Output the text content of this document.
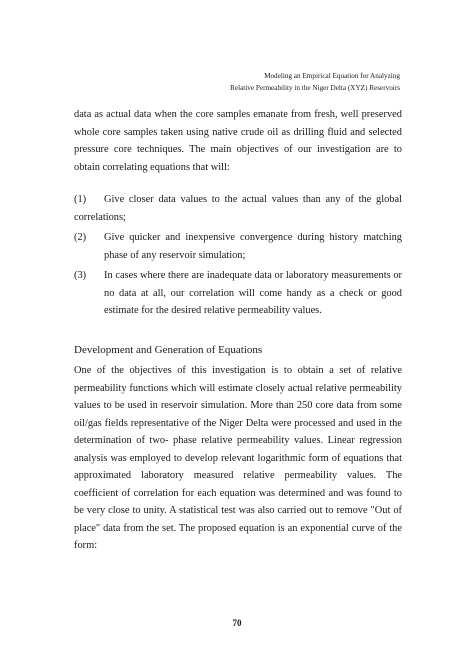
Modeling an Empirical Equation for Analyzing
Relative Permeability in the Niger Delta (XYZ) Reservoirs

data as actual data when the core samples emanate from fresh, well preserved whole core samples taken using native crude oil as drilling fluid and selected pressure core techniques. The main objectives of our investigation are to obtain correlating equations that will:

(1) Give closer data values to the actual values than any of the global correlations;
(2) Give quicker and inexpensive convergence during history matching phase of any reservoir simulation;
(3) In cases where there are inadequate data or laboratory measurements or no data at all, our correlation will come handy as a check or good estimate for the desired relative permeability values.
Development and Generation of Equations

One of the objectives of this investigation is to obtain a set of relative permeability functions which will estimate closely actual relative permeability values to be used in reservoir simulation. More than 250 core data from some oil/gas fields representative of the Niger Delta were processed and used in the determination of two- phase relative permeability values. Linear regression analysis was employed to develop relevant logarithmic form of equations that approximated laboratory measured relative permeability values. The coefficient of correlation for each equation was determined and was found to be very close to unity. A statistical test was also carried out to remove "Out of place" data from the set. The proposed equation is an exponential curve of the form:

70
